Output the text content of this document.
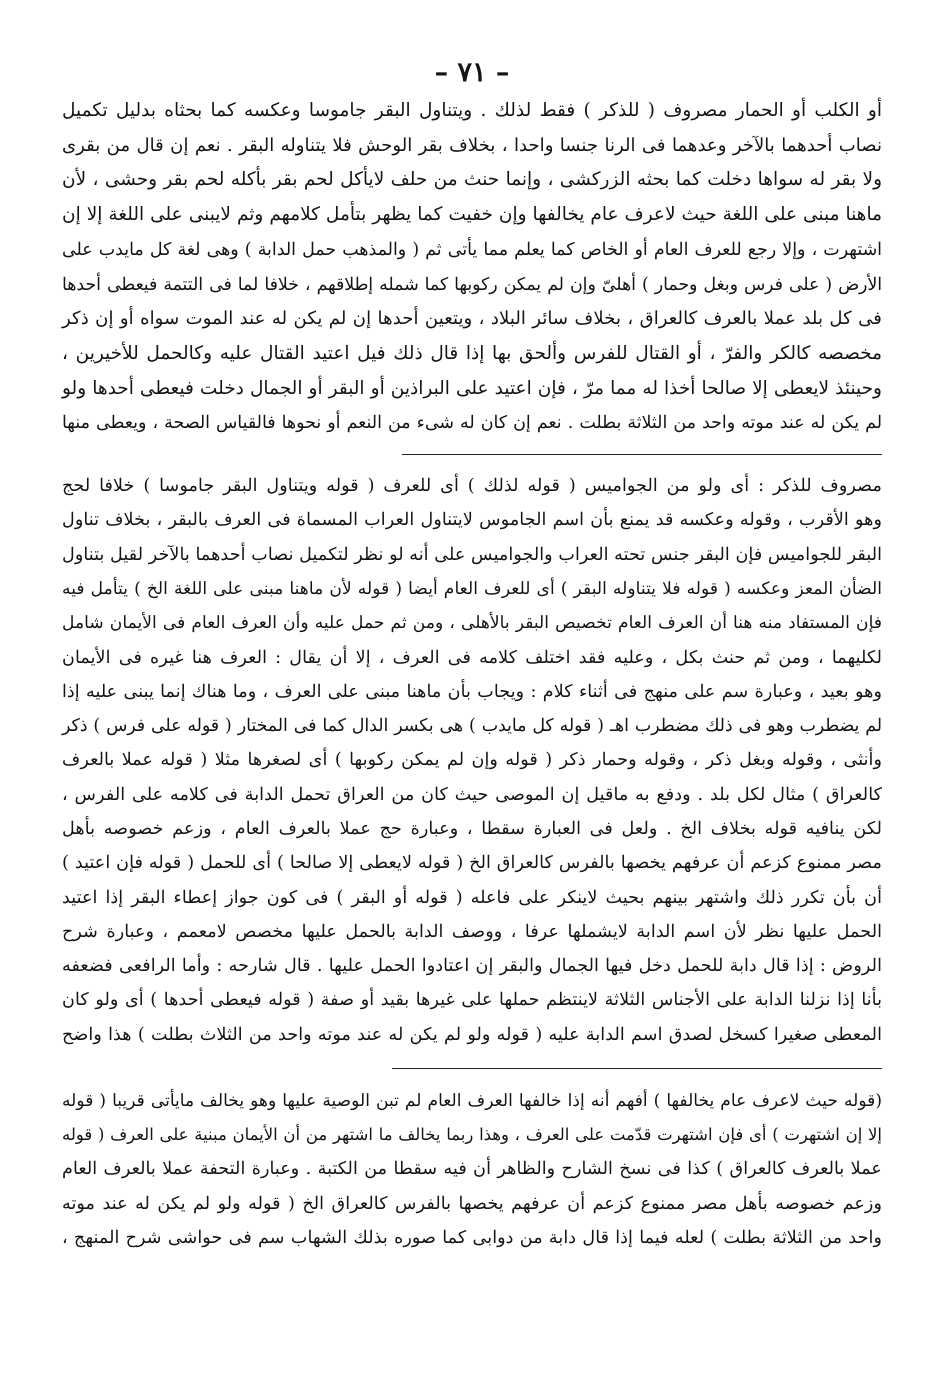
– ٧١ –

أو الكلب أو الحمار مصروف ( للذكر ) فقط لذلك . ويتناول البقر جاموسا وعكسه كما بحثاه بدليل تكميل

نصاب أحدهما بالآخر وعدهما فى الرنا جنسا واحدا ، بخلاف بقر الوحش فلا يتناوله البقر . نعم إن قال من بقرى

ولا بقر له سواها دخلت كما بحثه الزركشى ، وإنما حنث من حلف لايأكل لحم بقر بأكله لحم بقر وحشى ، لأن

ماهنا مبنى على اللغة حيث لاعرف عام يخالفها وإن خفيت كما يظهر بتأمل كلامهم وثم لايبنى على اللغة إلا إن

اشتهرت ، وإلا رجع للعرف العام أو الخاص كما يعلم مما يأتى ثم ( والمذهب حمل الدابة ) وهى لغة كل مايدب على

الأرض ( على فرس وبغل وحمار ) أهلىّ وإن لم يمكن ركوبها كما شمله إطلاقهم ، خلافا لما فى التتمة فيعطى أحدها

فى كل بلد عملا بالعرف كالعراق ، بخلاف سائر البلاد ، ويتعين أحدها إن لم يكن له عند الموت سواه أو إن ذكر

مخصصه كالكر والفرّ ، أو القتال للفرس وألحق بها إذا قال ذلك فيل اعتيد القتال عليه وكالحمل للأخيرين ،

وحينئذ لايعطى إلا صالحا أخذا له مما مرّ ، فإن اعتيد على البراذين أو البقر أو الجمال دخلت فيعطى أحدها ولو

لم يكن له عند موته واحد من الثلاثة بطلت . نعم إن كان له شىء من النعم أو نحوها فالقياس الصحة ، ويعطى منها

مصروف للذكر : أى ولو من الجواميس ( قوله لذلك ) أى للعرف ( قوله ويتناول البقر جاموسا ) خلافا لحج

وهو الأقرب ، وقوله وعكسه قد يمنع بأن اسم الجاموس لايتناول العراب المسماة فى العرف بالبقر ، بخلاف تناول

البقر للجواميس فإن البقر جنس تحته العراب والجواميس على أنه لو نظر لتكميل نصاب أحدهما بالآخر لقيل بتناول

الضأن المعز وعكسه ( قوله فلا يتناوله البقر ) أى للعرف العام أيضا ( قوله لأن ماهنا مبنى على اللغة الخ ) يتأمل فيه

فإن المستفاد منه هنا أن العرف العام تخصيص البقر بالأهلى ، ومن ثم حمل عليه وأن العرف العام فى الأيمان شامل

لكليهما ، ومن ثم حنث بكل ، وعليه فقد اختلف كلامه فى العرف ، إلا أن يقال : العرف هنا غيره فى الأيمان

وهو بعيد ، وعبارة سم على منهج فى أثناء كلام : ويجاب بأن ماهنا مبنى على العرف ، وما هناك إنما يبنى عليه إذا

لم يضطرب وهو فى ذلك مضطرب اهـ ( قوله كل مايدب ) هى بكسر الدال كما فى المختار ( قوله على فرس ) ذكر

وأنثى ، وقوله وبغل ذكر ، وقوله وحمار ذكر ( قوله وإن لم يمكن ركوبها ) أى لصغرها مثلا ( قوله عملا بالعرف

كالعراق ) مثال لكل بلد . ودفع به ماقيل إن الموصى حيث كان من العراق تحمل الدابة فى كلامه على الفرس ،

لكن ينافيه قوله بخلاف الخ . ولعل فى العبارة سقطا ، وعبارة حج عملا بالعرف العام ، وزعم خصوصه بأهل

مصر ممنوع كزعم أن عرفهم يخصها بالفرس كالعراق الخ ( قوله لايعطى إلا صالحا ) أى للحمل ( قوله فإن اعتيد )

أن بأن تكرر ذلك واشتهر بينهم بحيث لاينكر على فاعله ( قوله أو البقر ) فى كون جواز إعطاء البقر إذا اعتيد

الحمل عليها نظر لأن اسم الدابة لايشملها عرفا ، ووصف الدابة بالحمل عليها مخصص لامعمم ، وعبارة شرح

الروض : إذا قال دابة للحمل دخل فيها الجمال والبقر إن اعتادوا الحمل عليها . قال شارحه : وأما الرافعى فضعفه

بأنا إذا نزلنا الدابة على الأجناس الثلاثة لاينتظم حملها على غيرها بقيد أو صفة ( قوله فيعطى أحدها ) أى ولو كان

المعطى صغيرا كسخل لصدق اسم الدابة عليه ( قوله ولو لم يكن له عند موته واحد من الثلاث بطلت ) هذا واضح

(قوله حيث لاعرف عام يخالفها ) أفهم أنه إذا خالفها العرف العام لم تبن الوصية عليها وهو يخالف مايأتى قريبا ( قوله

إلا إن اشتهرت ) أى فإن اشتهرت قدّمت على العرف ، وهذا ربما يخالف ما اشتهر من أن الأيمان مبنية على العرف ( قوله

عملا بالعرف كالعراق ) كذا فى نسخ الشارح والظاهر أن فيه سقطا من الكتبة . وعبارة التحفة عملا بالعرف العام

وزعم خصوصه بأهل مصر ممنوع كزعم أن عرفهم يخصها بالفرس كالعراق الخ ( قوله ولو لم يكن له عند موته

واحد من الثلاثة بطلت ) لعله فيما إذا قال دابة من دوابى كما صوره بذلك الشهاب سم فى حواشى شرح المنهج ،
